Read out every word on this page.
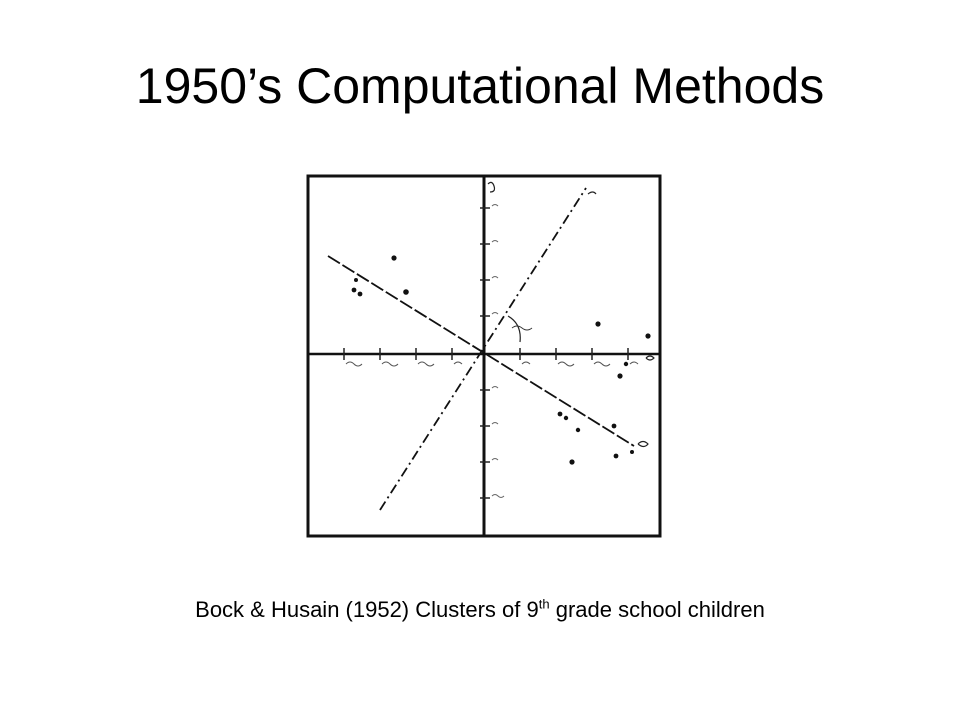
1950’s Computational Methods

Bock & Husain (1952) Clusters of 9th grade school children
